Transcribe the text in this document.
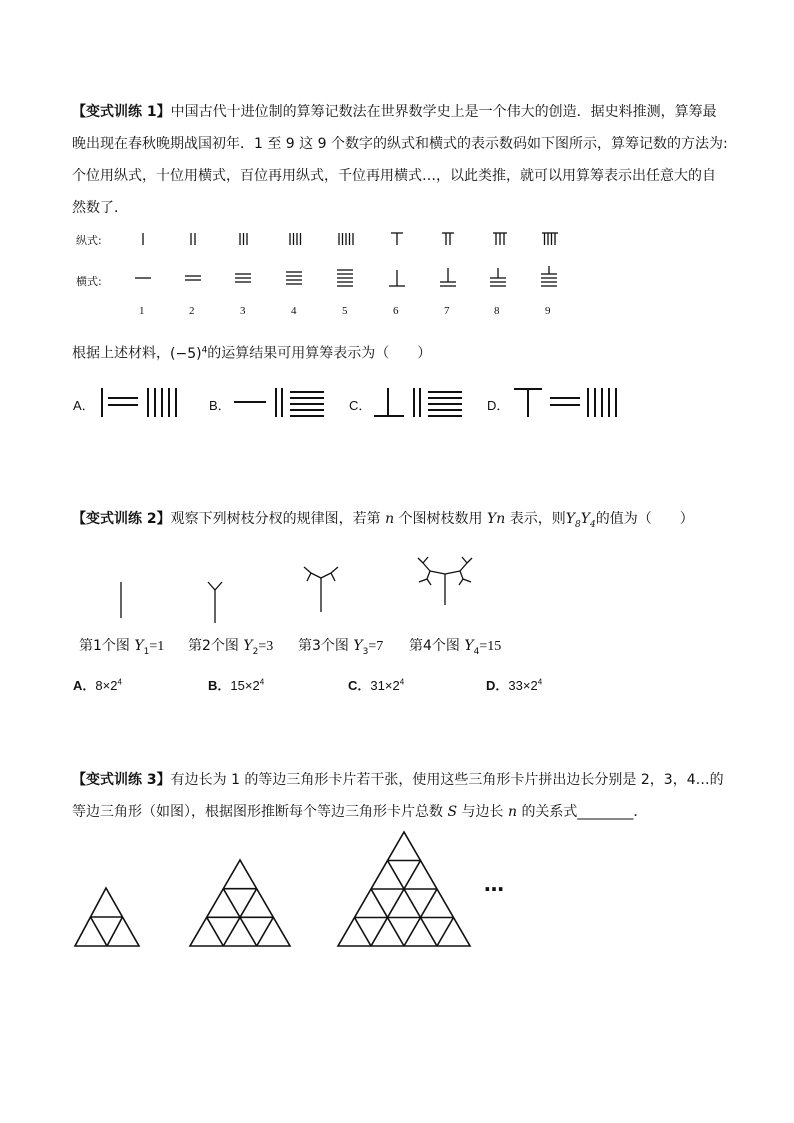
【变式训练 1】中国古代十进位制的算筹记数法在世界数学史上是一个伟大的创造．据史料推测，算筹最晚出现在春秋晚期战国初年．1 至 9 这 9 个数字的纵式和横式的表示数码如下图所示，算筹记数的方法为: 个位用纵式，十位用横式，百位再用纵式，千位再用横式…，以此类推，就可以用算筹表示出任意大的自然数了．
纵式:
横式:
1	2	3	4	5	6	7	8	9
根据上述材料，$(-5)^4$的运算结果可用算筹表示为（　　）
A．	B．	C．	D．
【变式训练 2】观察下列树枝分杈的规律图，若第 n 个图树枝数用 Yn 表示，则$Y_8Y_4$的值为（　　）
第1个图 $Y_1=1$ 第2个图 $Y_2=3$ 第3个图 $Y_3=7$ 第4个图 $Y_4=15$
A．$8\times 2^4$	B．$15\times 2^4$	C．$31\times 2^4$	D．$33\times 2^4$
【变式训练 3】有边长为 1 的等边三角形卡片若干张，使用这些三角形卡片拼出边长分别是 2，3，4…的等边三角形（如图），根据图形推断每个等边三角形卡片总数 S 与边长 n 的关系式________．
…
